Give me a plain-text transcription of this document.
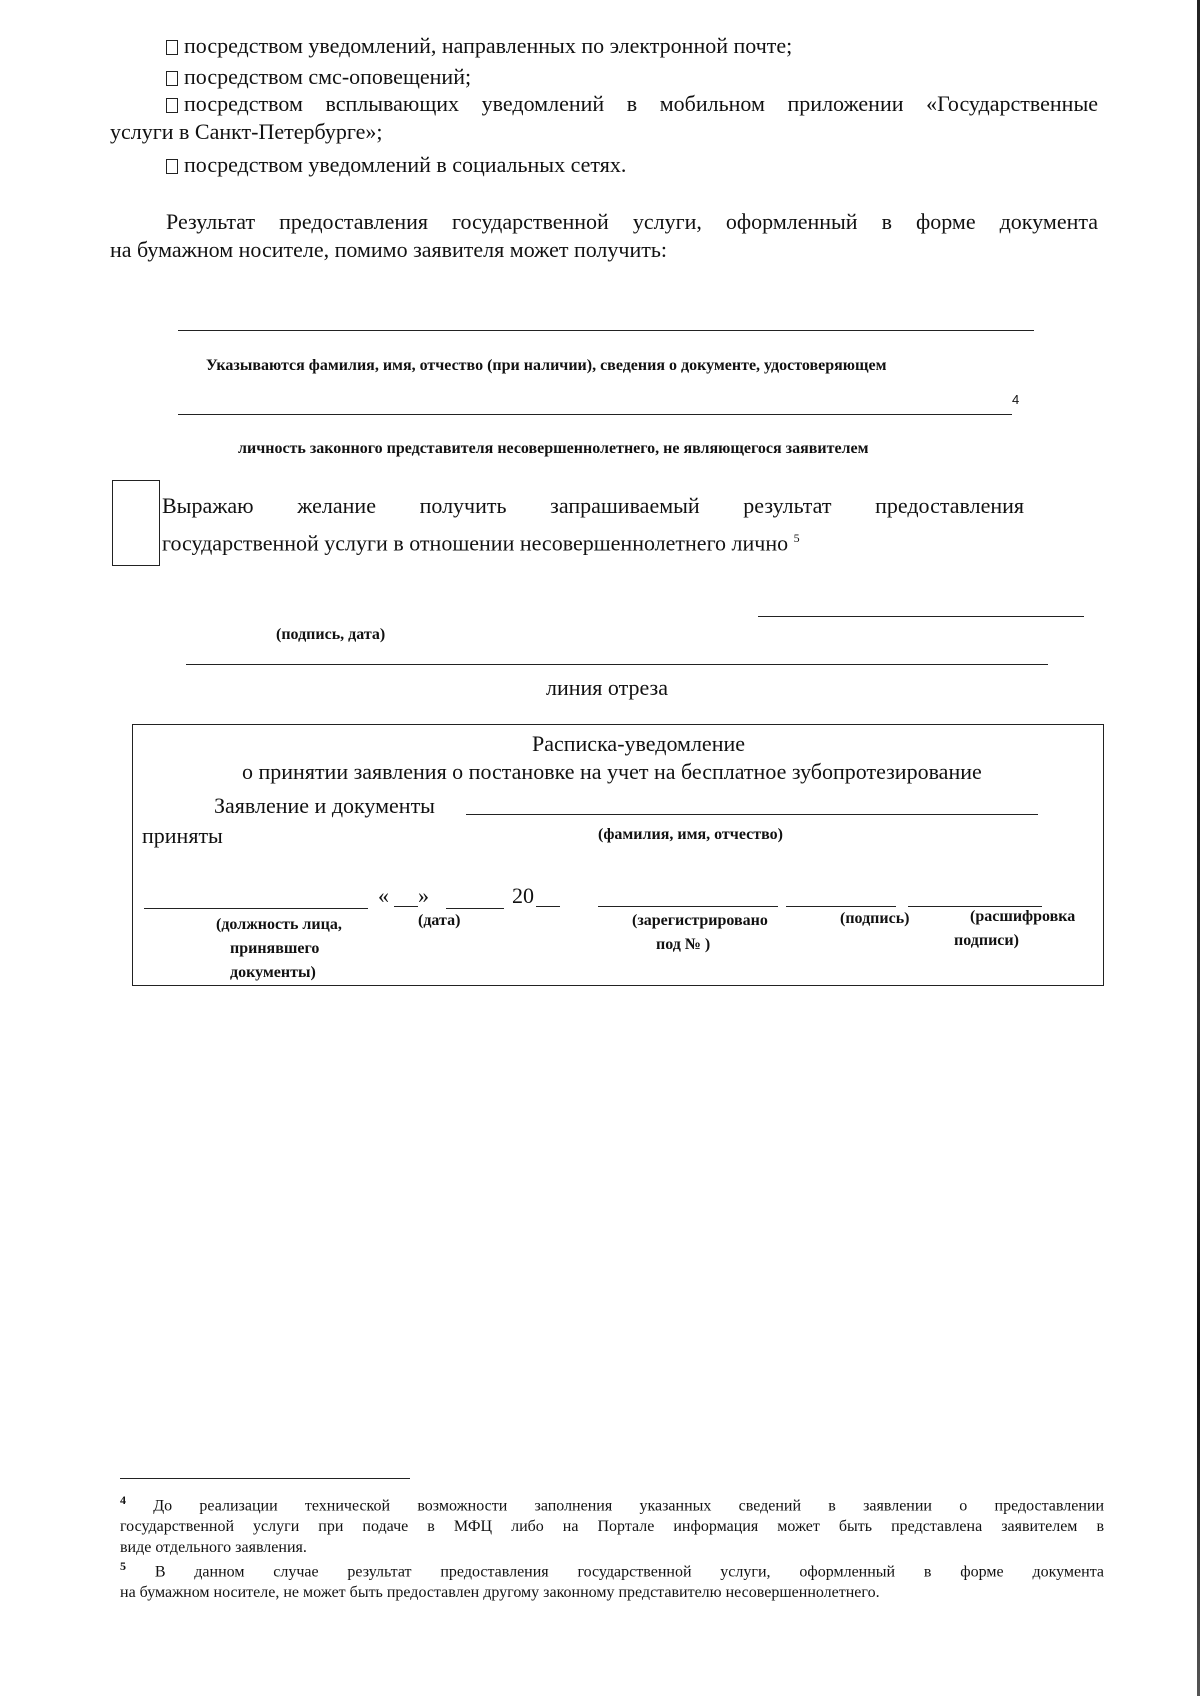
посредством уведомлений, направленных по электронной почте;
посредством смс-оповещений;
посредством всплывающих уведомлений в мобильном приложении «Государственные
услуги в Санкт-Петербурге»;
посредством уведомлений в социальных сетях.
Результат предоставления государственной услуги, оформленный в форме документа
на бумажном носителе, помимо заявителя может получить:
Указываются фамилия, имя, отчество (при наличии), сведения о документе, удостоверяющем
4
личность законного представителя несовершеннолетнего, не являющегося заявителем
Выражаю желание получить запрашиваемый результат предоставления
государственной услуги в отношении несовершеннолетнего лично $^5$
(подпись, дата)
линия отреза
Расписка-уведомление
о принятии заявления о постановке на учет на бесплатное зубопротезирование
Заявление и документы
приняты	(фамилия, имя, отчество)
« »	20
(должность лица,
принявшего
документы)
(дата)	(зарегистрировано
под № )
(подпись)	(расшифровка
подписи)
$^4$ До реализации технической возможности заполнения указанных сведений в заявлении о предоставлении
государственной услуги при подаче в МФЦ либо на Портале информация может быть представлена заявителем в
виде отдельного заявления.
$^5$ В данном случае результат предоставления государственной услуги, оформленный в форме документа
на бумажном носителе, не может быть предоставлен другому законному представителю несовершеннолетнего.
